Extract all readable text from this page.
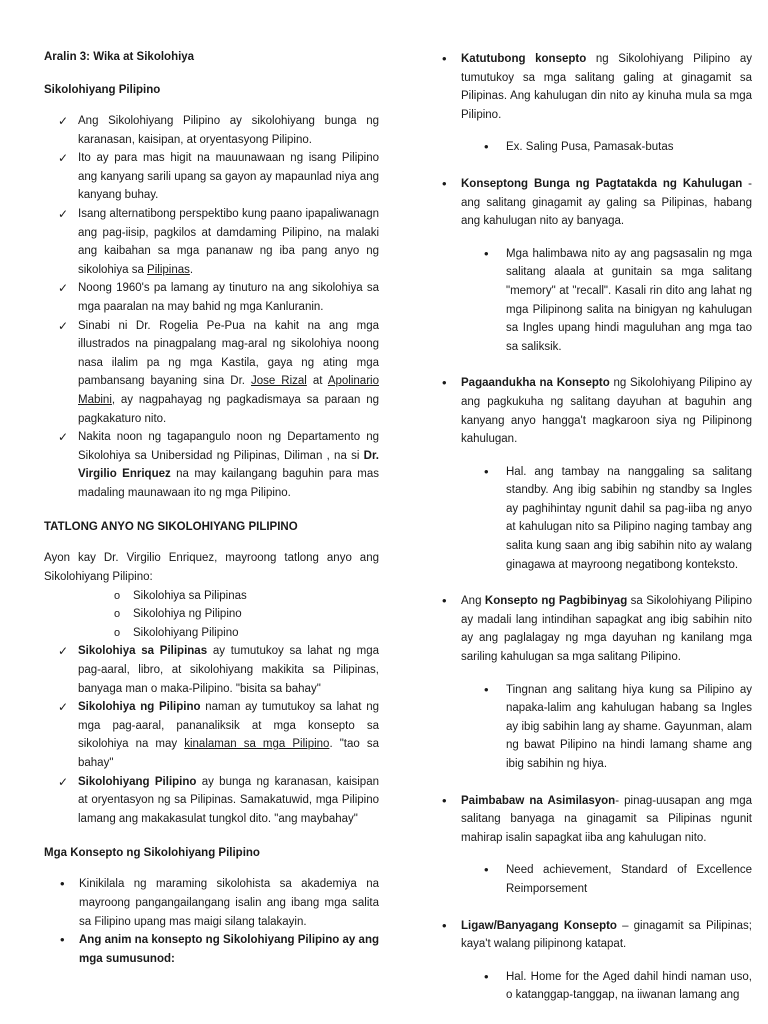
Aralin 3: Wika at Sikolohiya
Sikolohiyang Pilipino
✓ Ang Sikolohiyang Pilipino ay sikolohiyang bunga ng karanasan, kaisipan, at oryentasyong Pilipino.
✓ Ito ay para mas higit na mauunawaan ng isang Pilipino ang kanyang sarili upang sa gayon ay mapaunlad niya ang kanyang buhay.
✓ Isang alternatibong perspektibo kung paano ipapaliwanagn ang pag-iisip, pagkilos at damdaming Pilipino, na malaki ang kaibahan sa mga pananaw ng iba pang anyo ng sikolohiya sa Pilipinas.
✓ Noong 1960's pa lamang ay tinuturo na ang sikolohiya sa mga paaralan na may bahid ng mga Kanluranin.
✓ Sinabi ni Dr. Rogelia Pe-Pua na kahit na ang mga illustrados na pinagpalang mag-aral ng sikolohiya noong nasa ilalim pa ng mga Kastila, gaya ng ating mga pambansang bayaning sina Dr. Jose Rizal at Apolinario Mabini, ay nagpahayag ng pagkadismaya sa paraan ng pagkakaturo nito.
✓ Nakita noon ng tagapangulo noon ng Departamento ng Sikolohiya sa Unibersidad ng Pilipinas, Diliman , na si Dr. Virgilio Enriquez na may kailangang baguhin para mas madaling maunawaan ito ng mga Pilipino.
TATLONG ANYO NG SIKOLOHIYANG PILIPINO

Ayon kay Dr. Virgilio Enriquez, mayroong tatlong anyo ang Sikolohiyang Pilipino:

o Sikolohiya sa Pilipinas
o Sikolohiya ng Pilipino
o Sikolohiyang Pilipino
✓ Sikolohiya sa Pilipinas ay tumutukoy sa lahat ng mga pag-aaral, libro, at sikolohiyang makikita sa Pilipinas, banyaga man o maka-Pilipino. "bisita sa bahay"
✓ Sikolohiya ng Pilipino naman ay tumutukoy sa lahat ng mga pag-aaral, pananaliksik at mga konsepto sa sikolohiya na may kinalaman sa mga Pilipino. "tao sa bahay"
✓ Sikolohiyang Pilipino ay bunga ng karanasan, kaisipan at oryentasyon ng sa Pilipinas. Samakatuwid, mga Pilipino lamang ang makakasulat tungkol dito. "ang maybahay"
Mga Konsepto ng Sikolohiyang Pilipino
• Kinikilala ng maraming sikolohista sa akademiya na mayroong pangangailangang isalin ang ibang mga salita sa Filipino upang mas maigi silang talakayin.
• Ang anim na konsepto ng Sikolohiyang Pilipino ay ang mga sumusunod:
• Katutubong konsepto ng Sikolohiyang Pilipino ay tumutukoy sa mga salitang galing at ginagamit sa Pilipinas. Ang kahulugan din nito ay kinuha mula sa mga Pilipino.
• Ex. Saling Pusa, Pamasak-butas
• Konseptong Bunga ng Pagtatakda ng Kahulugan - ang salitang ginagamit ay galing sa Pilipinas, habang ang kahulugan nito ay banyaga.
• Mga halimbawa nito ay ang pagsasalin ng mga salitang alaala at gunitain sa mga salitang "memory" at "recall". Kasali rin dito ang lahat ng mga Pilipinong salita na binigyan ng kahulugan sa Ingles upang hindi maguluhan ang mga tao sa saliksik.
• Pagaandukha na Konsepto ng Sikolohiyang Pilipino ay ang pagkukuha ng salitang dayuhan at baguhin ang kanyang anyo hangga't magkaroon siya ng Pilipinong kahulugan.
• Hal. ang tambay na nanggaling sa salitang standby. Ang ibig sabihin ng standby sa Ingles ay paghihintay ngunit dahil sa pag-iiba ng anyo at kahulugan nito sa Pilipino naging tambay ang salita kung saan ang ibig sabihin nito ay walang ginagawa at mayroong negatibong konteksto.
• Ang Konsepto ng Pagbibinyag sa Sikolohiyang Pilipino ay madali lang intindihan sapagkat ang ibig sabihin nito ay ang paglalagay ng mga dayuhan ng kanilang mga sariling kahulugan sa mga salitang Pilipino.
• Tingnan ang salitang hiya kung sa Pilipino ay napaka-lalim ang kahulugan habang sa Ingles ay ibig sabihin lang ay shame. Gayunman, alam ng bawat Pilipino na hindi lamang shame ang ibig sabihin ng hiya.
• Paimbabaw na Asimilasyon- pinag-uusapan ang mga salitang banyaga na ginagamit sa Pilipinas ngunit mahirap isalin sapagkat iiba ang kahulugan nito.
• Need achievement, Standard of Excellence Reimporsement
• Ligaw/Banyagang Konsepto – ginagamit sa Pilipinas; kaya't walang pilipinong katapat.
• Hal. Home for the Aged dahil hindi naman uso, o katanggap-tanggap, na iiwanan lamang ang
